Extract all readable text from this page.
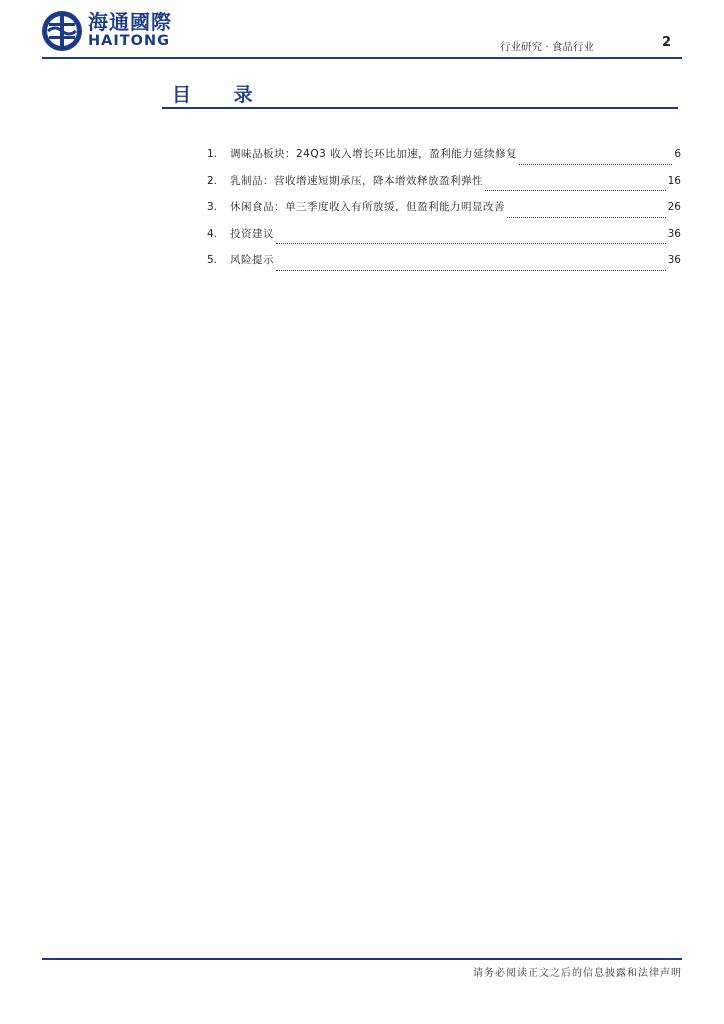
海通國際
HAITONG	行业研究 · 食品行业	2
目 录
1.	调味品板块：24Q3 收入增长环比加速，盈利能力延续修复	6
2.	乳制品：营收增速短期承压，降本增效释放盈利弹性	16
3.	休闲食品：单三季度收入有所放缓，但盈利能力明显改善	26
4.	投资建议	36
5.	风险提示	36
请务必阅读正文之后的信息披露和法律声明
